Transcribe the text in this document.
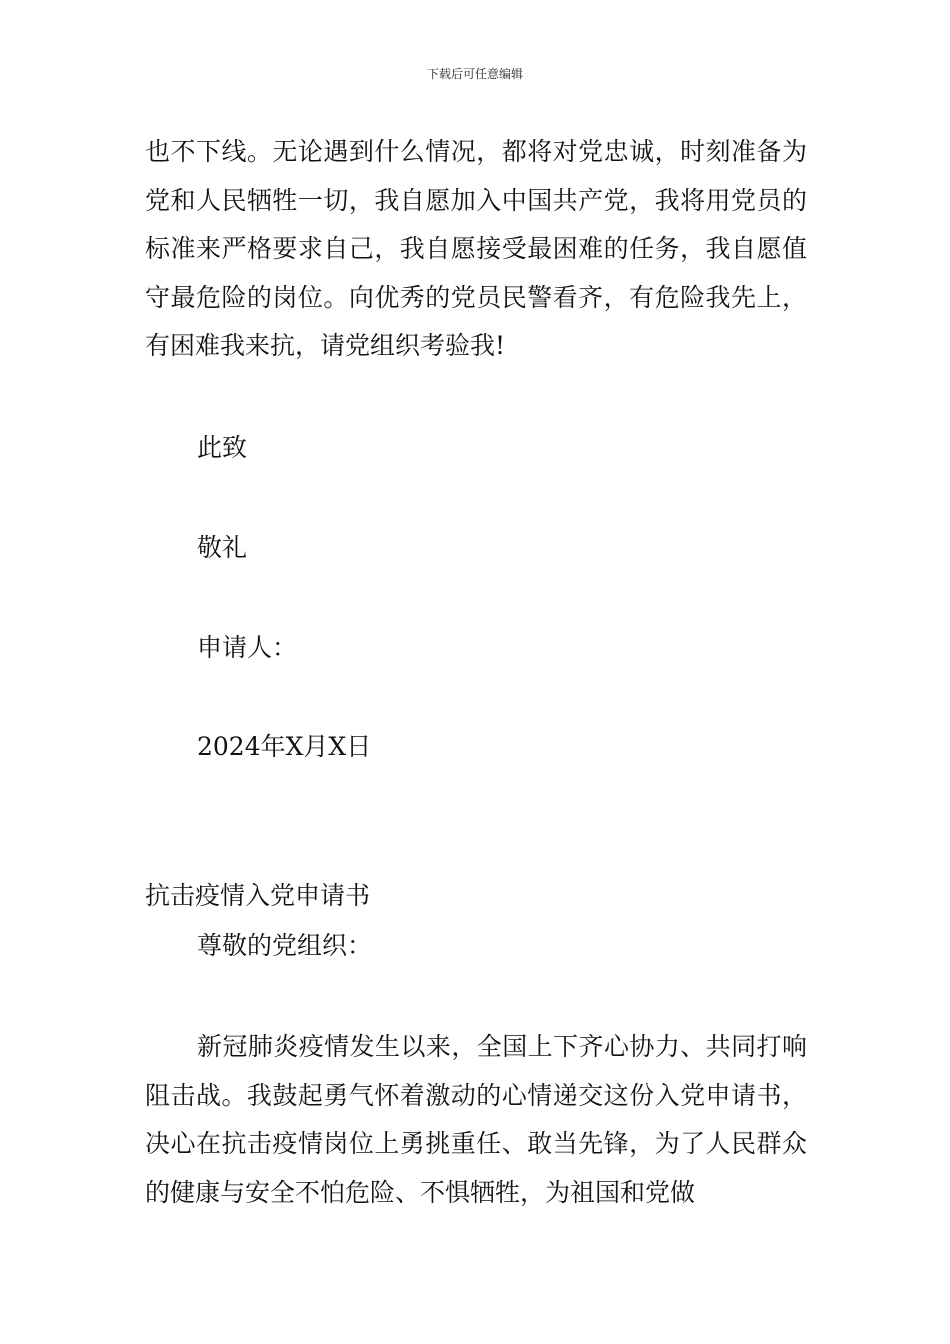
下载后可任意编辑

也不下线。无论遇到什么情况，都将对党忠诚，时刻准备为党和人民牺牲一切，我自愿加入中国共产党，我将用党员的标准来严格要求自己，我自愿接受最困难的任务，我自愿值守最危险的岗位。向优秀的党员民警看齐，有危险我先上，有困难我来抗，请党组织考验我!

此致

敬礼

申请人：

2024年X月X日

抗击疫情入党申请书

尊敬的党组织：

新冠肺炎疫情发生以来，全国上下齐心协力、共同打响阻击战。我鼓起勇气怀着激动的心情递交这份入党申请书，决心在抗击疫情岗位上勇挑重任、敢当先锋，为了人民群众的健康与安全不怕危险、不惧牺牲，为祖国和党做
